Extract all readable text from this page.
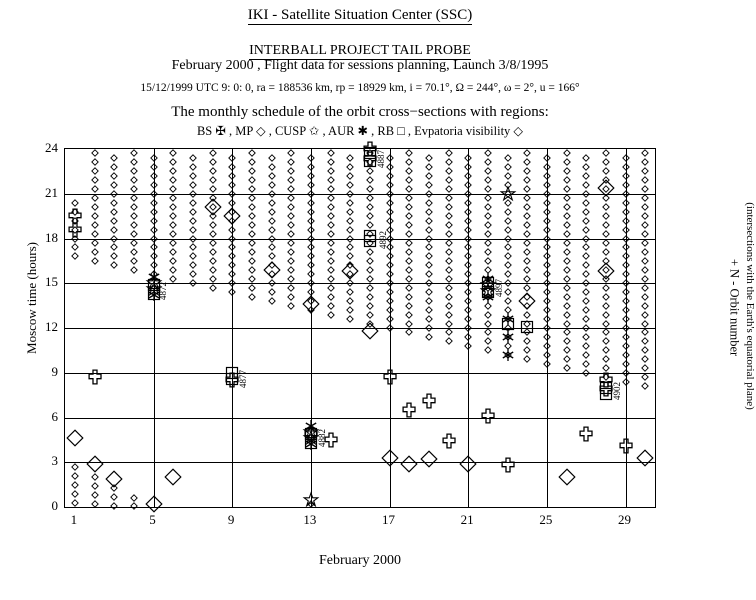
IKI - Satellite Situation Center (SSC)
INTERBALL PROJECT TAIL PROBE
February 2000 , Flight data for sessions planning, Launch 3/8/1995
15/12/1999 UTC 9: 0: 0, ra = 188536 km, rp = 18929 km, i = 70.1°, Ω = 244°, ω = 2°, u = 166°
The monthly schedule of the orbit cross−sections with regions:
BS ✠ , MP ◇ , CUSP ✩ , AUR ✱ , RB □ , Evpatoria visibility ◇
Moscow time (hours)
February 2000
+ N - Orbit number (intersections with the Earth's equatorial plane)
0
3
6
9
12
15
18
21
24
1	5	9	13	17	21	25	29
4872
4877
4882
4892
4897
4902
4887
